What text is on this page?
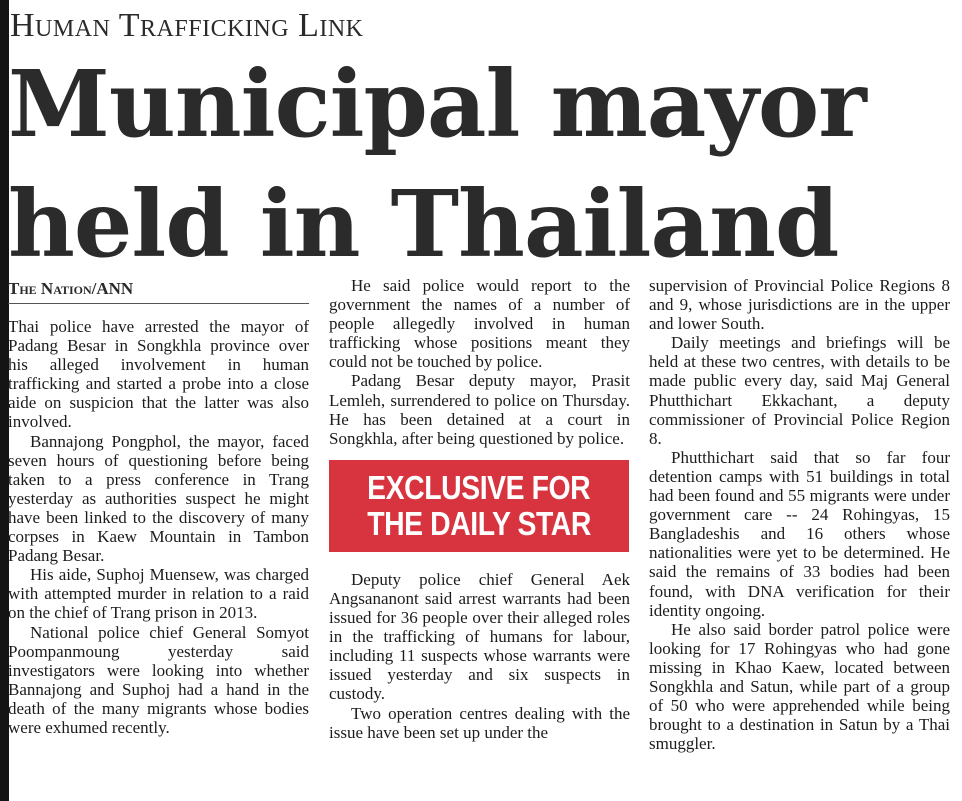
Human Trafficking Link
Municipal mayor
held in Thailand
The Nation/ANN

Thai police have arrested the mayor of Padang Besar in Songkhla province over his alleged involvement in human trafficking and started a probe into a close aide on suspicion that the latter was also involved.

Bannajong Pongphol, the mayor, faced seven hours of questioning before being taken to a press conference in Trang yesterday as authorities suspect he might have been linked to the discovery of many corpses in Kaew Mountain in Tambon Padang Besar.

His aide, Suphoj Muensew, was charged with attempted murder in relation to a raid on the chief of Trang prison in 2013.

National police chief General Somyot Poompanmoung yesterday said investigators were looking into whether Bannajong and Suphoj had a hand in the death of the many migrants whose bodies were exhumed recently.

He said police would report to the government the names of a number of people allegedly involved in human trafficking whose positions meant they could not be touched by police.

Padang Besar deputy mayor, Prasit Lemleh, surrendered to police on Thursday. He has been detained at a court in Songkhla, after being questioned by police.

EXCLUSIVE FOR
THE DAILY STAR

Deputy police chief General Aek Angsananont said arrest warrants had been issued for 36 people over their alleged roles in the trafficking of humans for labour, including 11 suspects whose warrants were issued yesterday and six suspects in custody.

Two operation centres dealing with the issue have been set up under the

supervision of Provincial Police Regions 8 and 9, whose jurisdictions are in the upper and lower South.

Daily meetings and briefings will be held at these two centres, with details to be made public every day, said Maj General Phutthichart Ekkachant, a deputy commissioner of Provincial Police Region 8.

Phutthichart said that so far four detention camps with 51 buildings in total had been found and 55 migrants were under government care -- 24 Rohingyas, 15 Bangladeshis and 16 others whose nationalities were yet to be determined. He said the remains of 33 bodies had been found, with DNA verification for their identity ongoing.

He also said border patrol police were looking for 17 Rohingyas who had gone missing in Khao Kaew, located between Songkhla and Satun, while part of a group of 50 who were apprehended while being brought to a destination in Satun by a Thai smuggler.
